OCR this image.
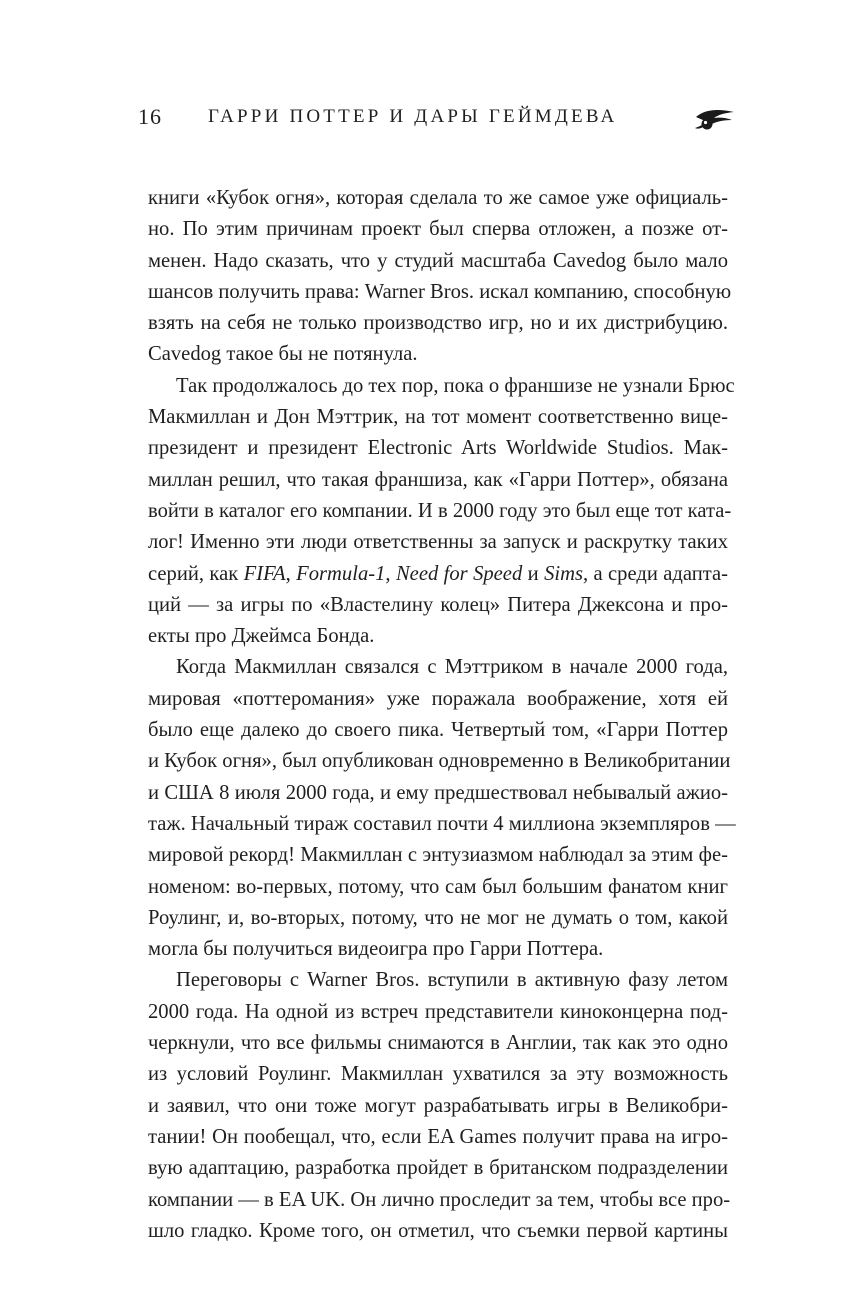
16 ГАРРИ ПОТТЕР И ДАРЫ ГЕЙМДЕВА
книги «Кубок огня», которая сделала то же самое уже официаль-
но. По этим причинам проект был сперва отложен, а позже от-
менен. Надо сказать, что у студий масштаба Cavedog было мало
шансов получить права: Warner Bros. искал компанию, способную
взять на себя не только производство игр, но и их дистрибуцию.
Cavedog такое бы не потянула.
Так продолжалось до тех пор, пока о франшизе не узнали Брюс
Макмиллан и Дон Мэттрик, на тот момент соответственно вице-
президент и президент Electronic Arts Worldwide Studios. Мак-
миллан решил, что такая франшиза, как «Гарри Поттер», обязана
войти в каталог его компании. И в 2000 году это был еще тот ката-
лог! Именно эти люди ответственны за запуск и раскрутку таких
серий, как FIFA, Formula-1, Need for Speed и Sims, а среди адапта-
ций — за игры по «Властелину колец» Питера Джексона и про-
екты про Джеймса Бонда.
Когда Макмиллан связался с Мэттриком в начале 2000 года,
мировая «поттеромания» уже поражала воображение, хотя ей
было еще далеко до своего пика. Четвертый том, «Гарри Поттер
и Кубок огня», был опубликован одновременно в Великобритании
и США 8 июля 2000 года, и ему предшествовал небывалый ажио-
таж. Начальный тираж составил почти 4 миллиона экземпляров —
мировой рекорд! Макмиллан с энтузиазмом наблюдал за этим фе-
номеном: во-первых, потому, что сам был большим фанатом книг
Роулинг, и, во-вторых, потому, что не мог не думать о том, какой
могла бы получиться видеоигра про Гарри Поттера.
Переговоры с Warner Bros. вступили в активную фазу летом
2000 года. На одной из встреч представители киноконцерна под-
черкнули, что все фильмы снимаются в Англии, так как это одно
из условий Роулинг. Макмиллан ухватился за эту возможность
и заявил, что они тоже могут разрабатывать игры в Великобри-
тании! Он пообещал, что, если EA Games получит права на игро-
вую адаптацию, разработка пройдет в британском подразделении
компании — в EA UK. Он лично проследит за тем, чтобы все про-
шло гладко. Кроме того, он отметил, что съемки первой картины
